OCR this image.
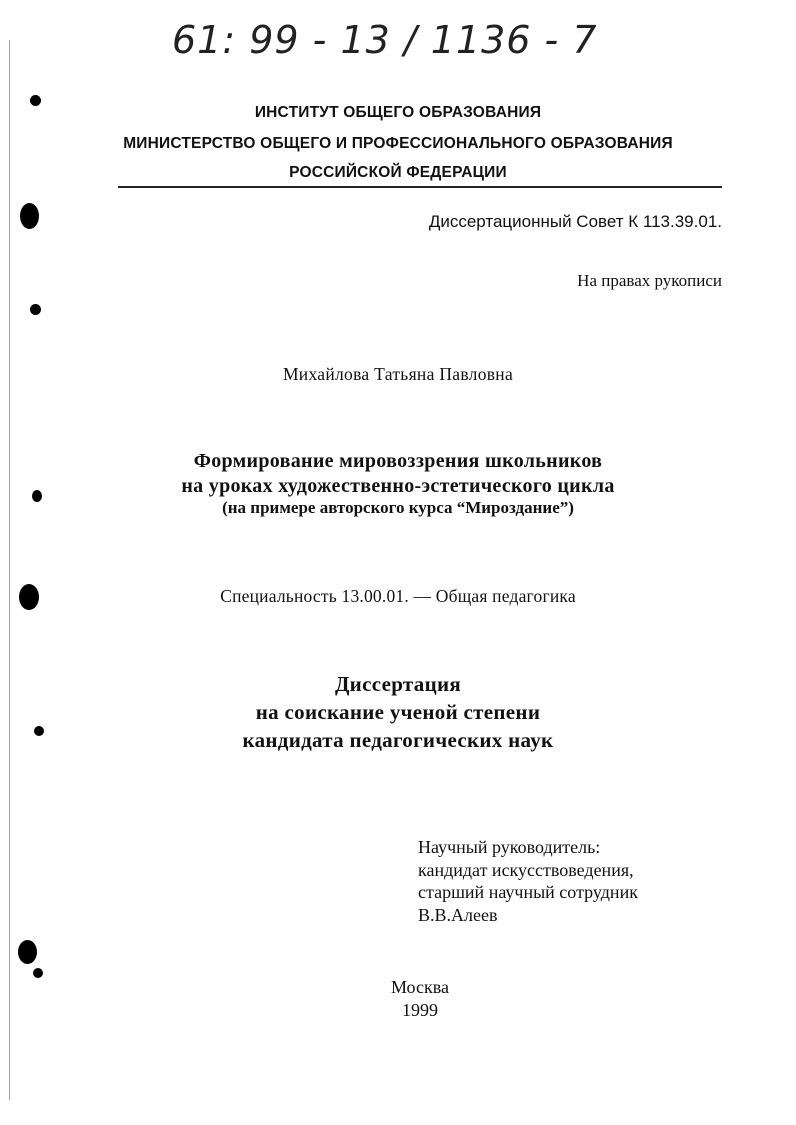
61: 99 - 13 / 1136 - 7
ИНСТИТУТ ОБЩЕГО ОБРАЗОВАНИЯ
МИНИСТЕРСТВО ОБЩЕГО И ПРОФЕССИОНАЛЬНОГО ОБРАЗОВАНИЯ
РОССИЙСКОЙ ФЕДЕРАЦИИ
Диссертационный Совет К 113.39.01.
На правах рукописи
Михайлова Татьяна Павловна
Формирование мировоззрения школьников
на уроках художественно-эстетического цикла
(на примере авторского курса “Мироздание”)
Специальность 13.00.01. — Общая педагогика
Диссертация
на соискание ученой степени
кандидата педагогических наук
Научный руководитель:
кандидат искусствоведения,
старший научный сотрудник
В.В.Алеев
Москва
1999
